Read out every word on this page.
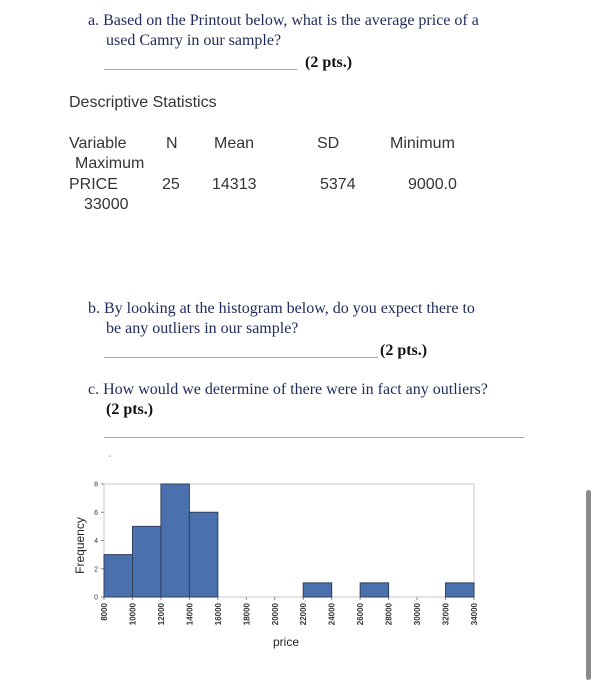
a. Based on the Printout below, what is the average price of a
used Camry in our sample?
(2 pts.)
Descriptive Statistics
Variable N Mean	SD	Minimum
Maximum
PRICE	25 14313	5374	9000.0
33000
b. By looking at the histogram below, do you expect there to
be any outliers in our sample?
(2 pts.)
c. How would we determine of there were in fact any outliers?
(2 pts.)
-
0
2
4
6
8
8000 10000 12000 14000 16000 18000 20000 22000 24000 26000 28000 30000 32000 34000
price
Frequency
